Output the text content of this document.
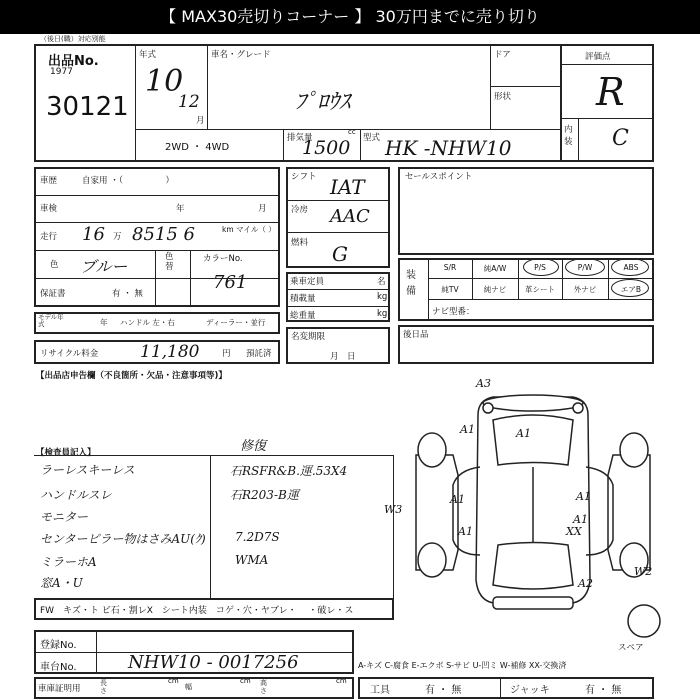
【 MAX30売切りコーナー 】 30万円までに売り切り
（後日(職）対応別能
出品No.
1977
30121
年式
10
12
月
車名・グレード
ﾌﾟﾛｳｽ
ドア
形状
評価点
R
内装 C
2WD ・ 4WD
排気量
cc
1500 型式 HK -NHW10
車歴	自家用 ・（　　　　　）
車検	年	月
走行 16 万 8515 6	km マイル（ ）
色 ブルー	色替
カラーNo.
761
保証書	有 ・ 無
モデル年式	年 ハンドル 左・右	ディーラー・並行
リサイクル料金 11,180	円 預託済
シフト IAT
冷房 AAC
燃料 G
乗車定員	名
積載量	kg
総重量	kg
名変期限
月　日
セールスポイント
装備
S/R	純A/W	P/S	P/W	ABS
純TV	純ナビ	革シート	外ナビ	エアB
ナビ型番：
後日品
【出品店申告欄（不良箇所・欠品・注意事項等)】
【検査員記入】
ラーレスキーレス
ハンドルスレ
モニター
センターピラー物はさみAU(ｸ)
ミラーホA
窓A・U
修復
石RSFR&B.運.53X4
石R203-B運
7.2D7S
WMA
FW　キズ・ト ビ石・割レX　シート内装　コゲ・穴・ヤブレ・ 　・破レ・ス
A3
A1	A1
A1	A1
A1
A1
XX
A2
W3
W2
スペア
登録No.
車台No.	NHW10 - 0017256	A-キズ C-腐食 E-エクボ S-サビ U-凹ミ W-補修 XX-交換済
車庫証明用
長さ
cm
幅
cm 高さ
cm
工具	有 ・ 無	ジャッキ	有 ・ 無
